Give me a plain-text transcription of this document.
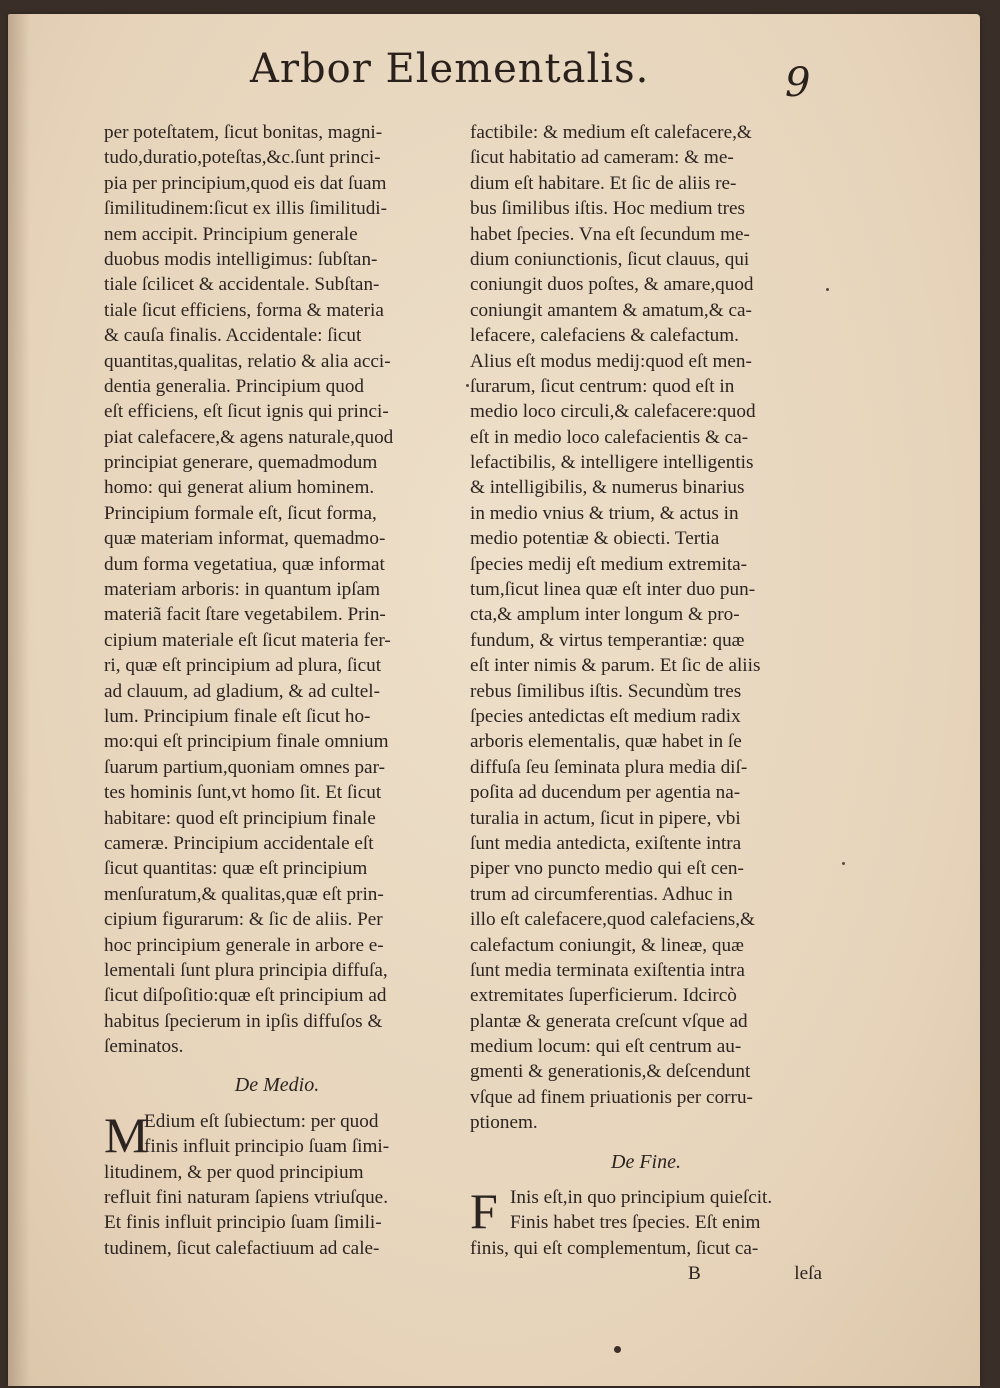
Arbor Elementalis.	9
per poteſtatem, ſicut bonitas, magni-
tudo,duratio,poteſtas,&c.ſunt princi-
pia per principium,quod eis dat ſuam
ſimilitudinem:ſicut ex illis ſimilitudi-
nem accipit. Principium generale
duobus modis intelligimus: ſubſtan-
tiale ſcilicet & accidentale. Subſtan-
tiale ſicut efficiens, forma & materia
& cauſa finalis. Accidentale: ſicut
quantitas,qualitas, relatio & alia acci-
dentia generalia. Principium quod
eſt efficiens, eſt ſicut ignis qui princi-
piat calefacere,& agens naturale,quod
principiat generare, quemadmodum
homo: qui generat alium hominem.
Principium formale eſt, ſicut forma,
quæ materiam informat, quemadmo-
dum forma vegetatiua, quæ informat
materiam arboris: in quantum ipſam
materiã facit ſtare vegetabilem. Prin-
cipium materiale eſt ſicut materia fer-
ri, quæ eſt principium ad plura, ſicut
ad clauum, ad gladium, & ad cultel-
lum. Principium finale eſt ſicut ho-
mo:qui eſt principium finale omnium
ſuarum partium,quoniam omnes par-
tes hominis ſunt,vt homo ſit. Et ſicut
habitare: quod eſt principium finale
cameræ. Principium accidentale eſt
ſicut quantitas: quæ eſt principium
menſuratum,& qualitas,quæ eſt prin-
cipium figurarum: & ſic de aliis. Per
hoc principium generale in arbore e-
lementali ſunt plura principia diffuſa,
ſicut diſpoſitio:quæ eſt principium ad
habitus ſpecierum in ipſis diffuſos &
ſeminatos.
De Medio.
M
Edium eſt ſubiectum: per quod
finis influit principio ſuam ſimi-
litudinem, & per quod principium
refluit fini naturam ſapiens vtriuſque.
Et finis influit principio ſuam ſimili-
tudinem, ſicut calefactiuum ad cale-
factibile: & medium eſt calefacere,&
ſicut habitatio ad cameram: & me-
dium eſt habitare. Et ſic de aliis re-
bus ſimilibus iſtis. Hoc medium tres
habet ſpecies. Vna eſt ſecundum me-
dium coniunctionis, ſicut clauus, qui
coniungit duos poſtes, & amare,quod
coniungit amantem & amatum,& ca-
lefacere, calefaciens & calefactum.
Alius eſt modus medij:quod eſt men-
ſurarum, ſicut centrum: quod eſt in
medio loco circuli,& calefacere:quod
eſt in medio loco calefacientis & ca-
lefactibilis, & intelligere intelligentis
& intelligibilis, & numerus binarius
in medio vnius & trium, & actus in
medio potentiæ & obiecti. Tertia
ſpecies medij eſt medium extremita-
tum,ſicut linea quæ eſt inter duo pun-
cta,& amplum inter longum & pro-
fundum, & virtus temperantiæ: quæ
eſt inter nimis & parum. Et ſic de aliis
rebus ſimilibus iſtis. Secundùm tres
ſpecies antedictas eſt medium radix
arboris elementalis, quæ habet in ſe
diffuſa ſeu ſeminata plura media diſ-
poſita ad ducendum per agentia na-
turalia in actum, ſicut in pipere, vbi
ſunt media antedicta, exiſtente intra
piper vno puncto medio qui eſt cen-
trum ad circumferentias. Adhuc in
illo eſt calefacere,quod calefaciens,&
calefactum coniungit, & lineæ, quæ
ſunt media terminata exiſtentia intra
extremitates ſuperficierum. Idcircò
plantæ & generata creſcunt vſque ad
medium locum: qui eſt centrum au-
gmenti & generationis,& deſcendunt
vſque ad finem priuationis per corru-
ptionem.
De Fine.
F Inis eſt,in quo principium quieſcit.
Finis habet tres ſpecies. Eſt enim
finis, qui eſt complementum, ſicut ca-
B	leſa
